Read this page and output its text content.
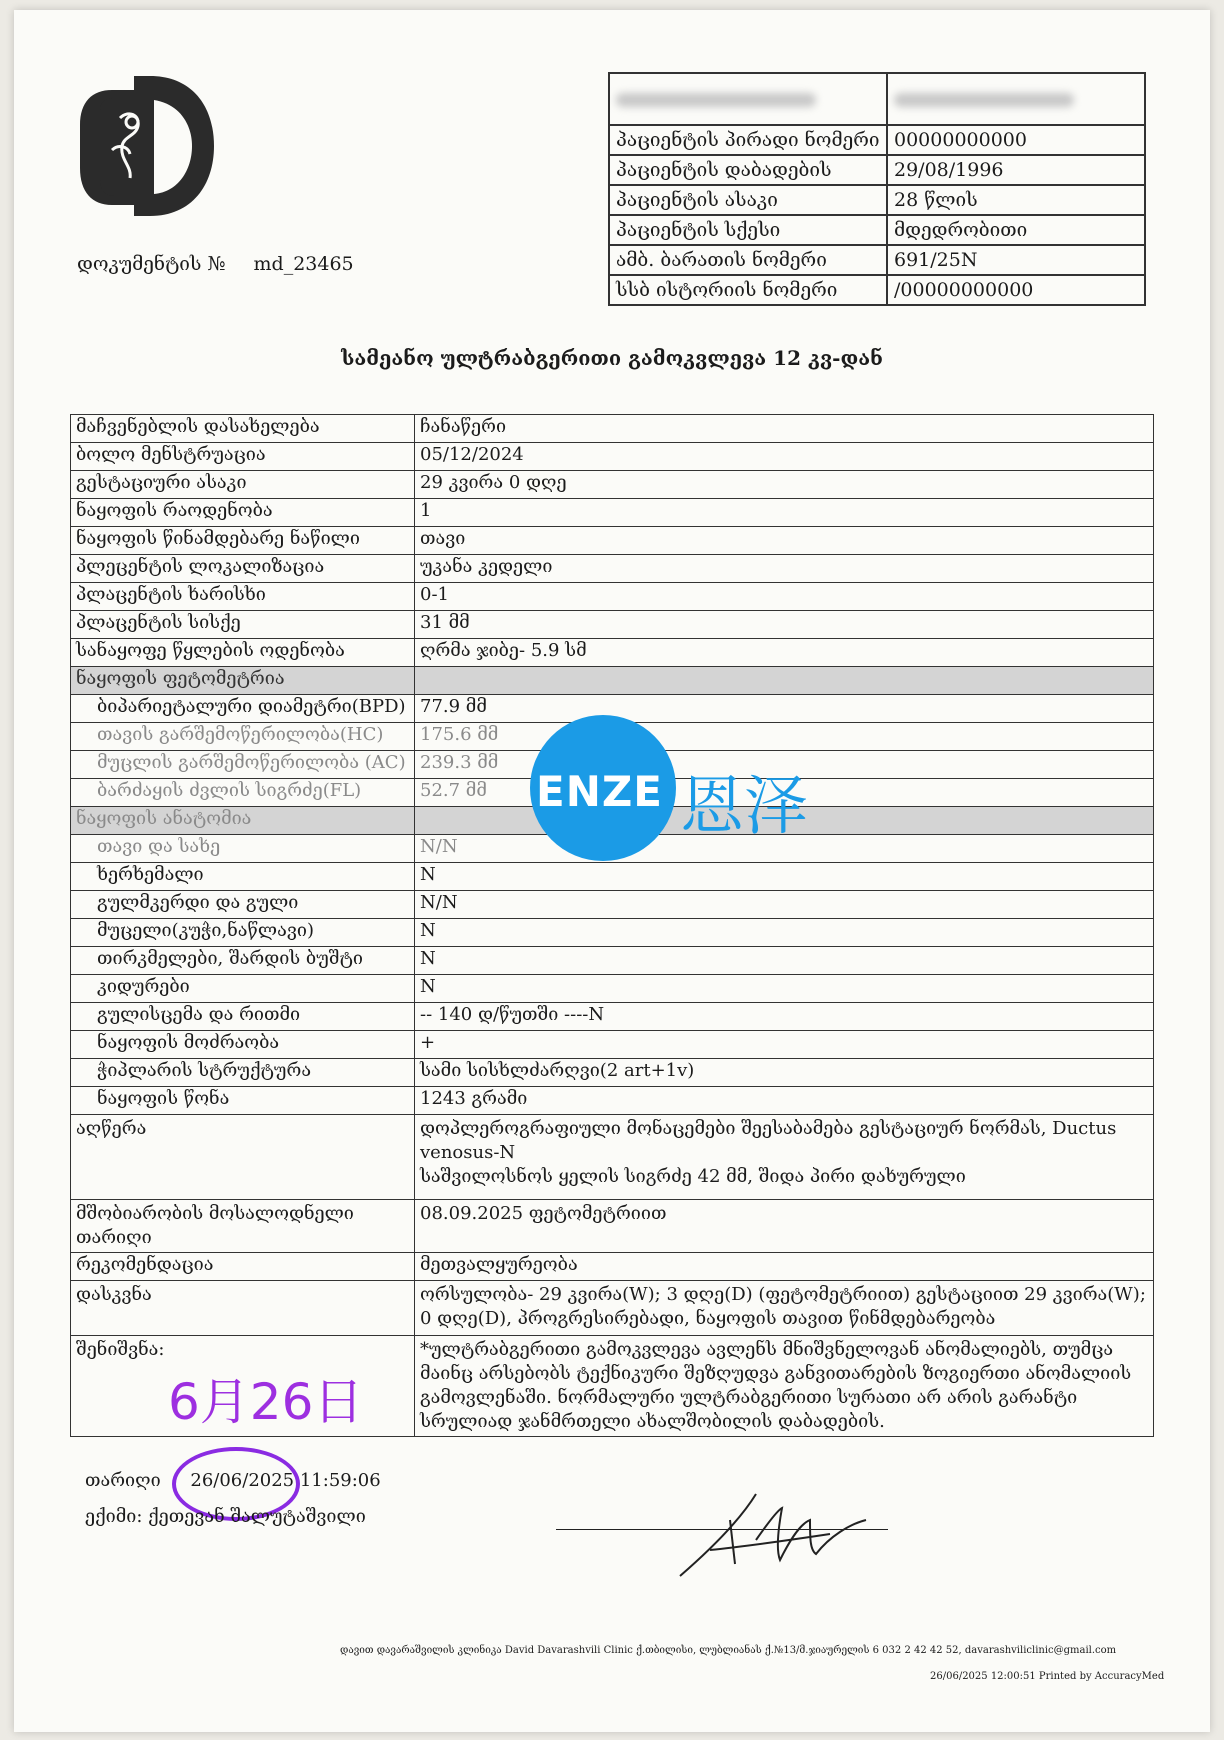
დოკუმენტის № md_23465

პაციენტის პირადი ნომერი	00000000000
პაციენტის დაბადების	29/08/1996
პაციენტის ასაკი	28 წლის
პაციენტის სქესი	მდედრობითი
ამბ. ბარათის ნომერი	691/25N
სსბ ისტორიის ნომერი	/00000000000
სამეანო ულტრაბგერითი გამოკვლევა 12 კვ-დან
მაჩვენებლის დასახელება	ჩანაწერი
ბოლო მენსტრუაცია	05/12/2024
გესტაციური ასაკი	29 კვირა 0 დღე
ნაყოფის რაოდენობა	1
ნაყოფის წინამდებარე ნაწილი	თავი
პლეცენტის ლოკალიზაცია	უკანა კედელი
პლაცენტის ხარისხი	0-1
პლაცენტის სისქე	31 მმ
სანაყოფე წყლების ოდენობა	ღრმა ჯიბე- 5.9 სმ
ნაყოფის ფეტომეტრია	
ბიპარიეტალური დიამეტრი(BPD)	77.9 მმ
თავის გარშემოწერილობა(HC)	175.6 მმ
მუცლის გარშემოწერილობა (AC)	239.3 მმ
ბარძაყის ძვლის სიგრძე(FL)	52.7 მმ
ნაყოფის ანატომია	
თავი და სახე	N/N
ხერხემალი	N
გულმკერდი და გული	N/N
მუცელი(კუჭი,ნაწლავი)	N
თირკმელები, შარდის ბუშტი	N
კიდურები	N
გულისცემა და რითმი	-- 140 დ/წუთში ----N
ნაყოფის მოძრაობა	+
ჭიპლარის სტრუქტურა	სამი სისხლძარღვი(2 art+1v)
ნაყოფის წონა	1243 გრამი
აღწერა	დოპლეროგრაფიული მონაცემები შეესაბამება გესტაციურ ნორმას, Ductus venosus-N
საშვილოსნოს ყელის სიგრძე 42 მმ, შიდა პირი დახურული
მშობიარობის მოსალოდნელი თარიღი	08.09.2025 ფეტომეტრიით
რეკომენდაცია	მეთვალყურეობა
დასკვნა	ორსულობა- 29 კვირა(W); 3 დღე(D) (ფეტომეტრიით) გესტაციით 29 კვირა(W); 0 დღე(D), პროგრესირებადი, ნაყოფის თავით წინმდებარეობა
შენიშვნა:	*ულტრაბგერითი გამოკვლევა ავლენს მნიშვნელოვან ანომალიებს, თუმცა მაინც არსებობს ტექნიკური შეზღუდვა განვითარების ზოგიერთი ანომალიის გამოვლენაში. ნორმალური ულტრაბგერითი სურათი არ არის გარანტი სრულიად ჯანმრთელი ახალშობილის დაბადების.
6月26日
თარიღი 26/06/2025 11:59:06
ექიმი: ქეთევან შალუტაშვილი
ENZE 恩泽
დავით დავარაშვილის კლინიკა David Davarashvili Clinic ქ.თბილისი, ლუბლიანას ქ.№13/მ.ჯიაურელის 6 032 2 42 42 52, davarashviliclinic@gmail.com
26/06/2025 12:00:51 Printed by AccuracyMed
